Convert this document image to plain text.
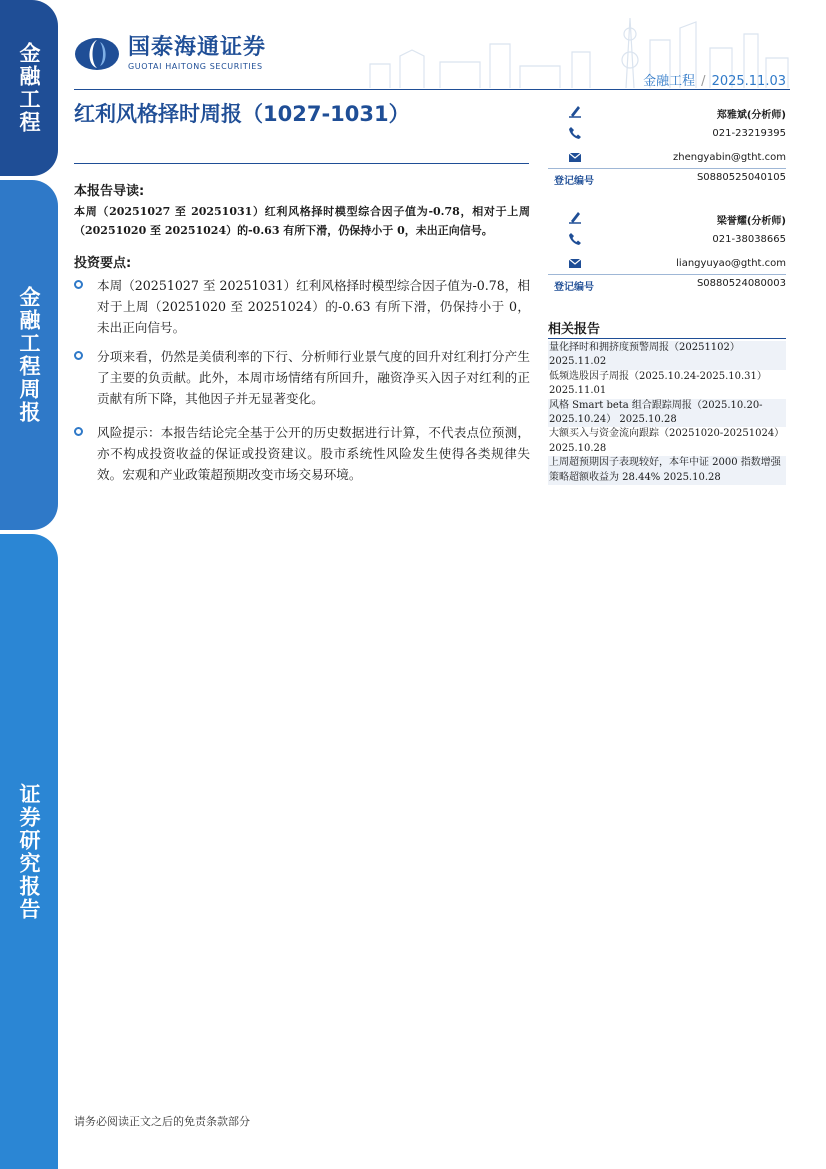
金融工程
金融工程周报
证券研究报告
国泰海通证券
GUOTAI HAITONG SECURITIES
金融工程 / 2025.11.03
红利风格择时周报（1027-1031）
本报告导读:
本周（20251027 至 20251031）红利风格择时模型综合因子值为-0.78，相对于上周（20251020 至 20251024）的-0.63 有所下滑，仍保持小于 0，未出正向信号。
投资要点:
本周（20251027 至 20251031）红利风格择时模型综合因子值为-0.78，相对于上周（20251020 至 20251024）的-0.63 有所下滑，仍保持小于 0，未出正向信号。
分项来看，仍然是美债利率的下行、分析师行业景气度的回升对红利打分产生了主要的负贡献。此外，本周市场情绪有所回升，融资净买入因子对红利的正贡献有所下降，其他因子并无显著变化。
风险提示：本报告结论完全基于公开的历史数据进行计算，不代表点位预测，亦不构成投资收益的保证或投资建议。股市系统性风险发生使得各类规律失效。宏观和产业政策超预期改变市场交易环境。
郑雅斌(分析师)
021-23219395
zhengyabin@gtht.com
登记编号	S0880525040105
梁誉耀(分析师)
021-38038665
liangyuyao@gtht.com
登记编号	S0880524080003
相关报告
量化择时和拥挤度预警周报（20251102） 2025.11.02
低频选股因子周报（2025.10.24-2025.10.31） 2025.11.01
风格 Smart beta 组合跟踪周报（2025.10.20-2025.10.24） 2025.10.28
大额买入与资金流向跟踪（20251020-20251024） 2025.10.28
上周超预期因子表现较好，本年中证 2000 指数增强策略超额收益为 28.44% 2025.10.28
请务必阅读正文之后的免责条款部分
